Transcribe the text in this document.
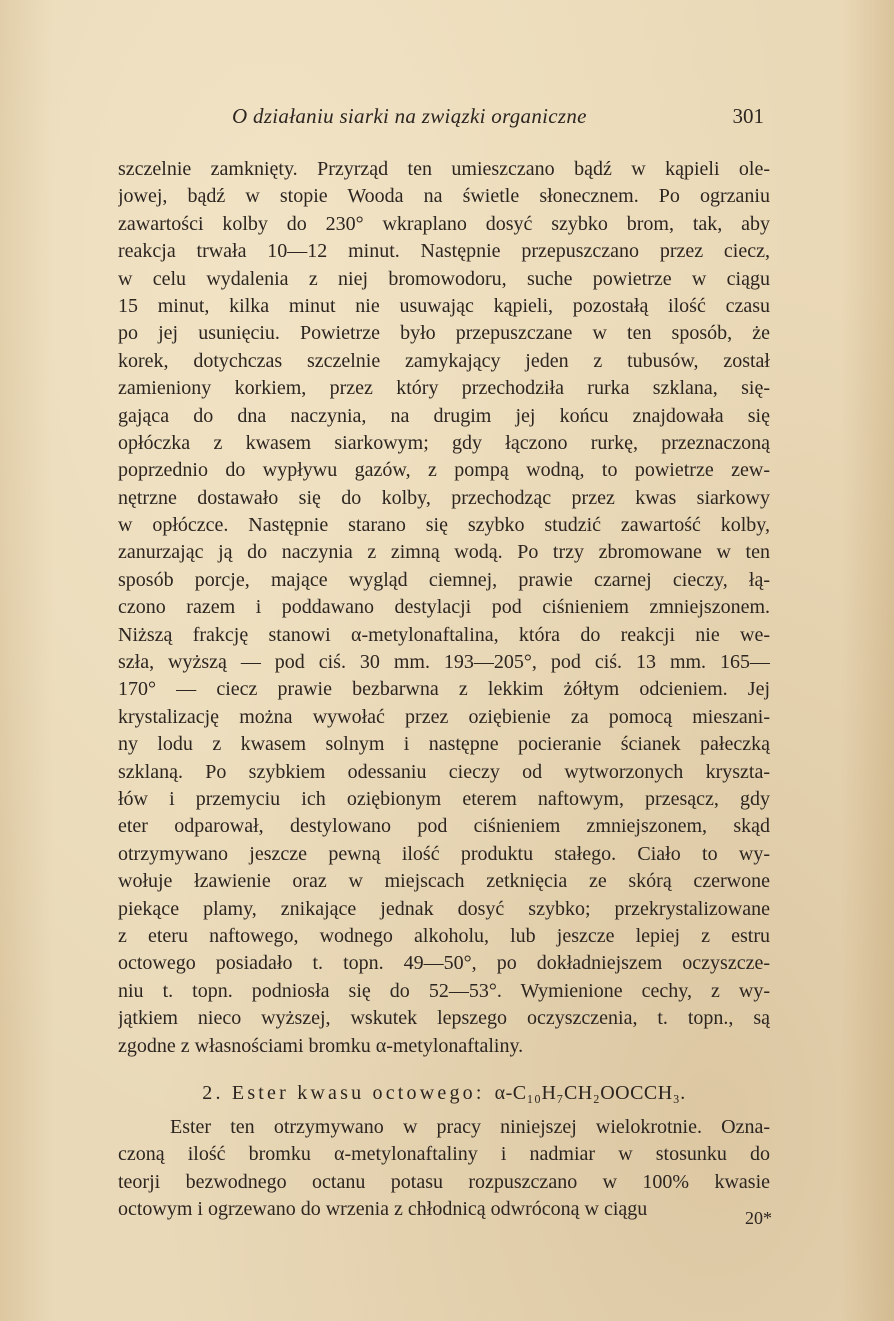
O działaniu siarki na związki organiczne	301
szczelnie zamknięty. Przyrząd ten umieszczano bądź w kąpieli ole-
jowej, bądź w stopie Wooda na świetle słonecznem. Po ogrzaniu
zawartości kolby do 230° wkraplano dosyć szybko brom, tak, aby
reakcja trwała 10—12 minut. Następnie przepuszczano przez ciecz,
w celu wydalenia z niej bromowodoru, suche powietrze w ciągu
15 minut, kilka minut nie usuwając kąpieli, pozostałą ilość czasu
po jej usunięciu. Powietrze było przepuszczane w ten sposób, że
korek, dotychczas szczelnie zamykający jeden z tubusów, został
zamieniony korkiem, przez który przechodziła rurka szklana, się-
gająca do dna naczynia, na drugim jej końcu znajdowała się
opłóczka z kwasem siarkowym; gdy łączono rurkę, przeznaczoną
poprzednio do wypływu gazów, z pompą wodną, to powietrze zew-
nętrzne dostawało się do kolby, przechodząc przez kwas siarkowy
w opłóczce. Następnie starano się szybko studzić zawartość kolby,
zanurzając ją do naczynia z zimną wodą. Po trzy zbromowane w ten
sposób porcje, mające wygląd ciemnej, prawie czarnej cieczy, łą-
czono razem i poddawano destylacji pod ciśnieniem zmniejszonem.
Niższą frakcję stanowi α-metylonaftalina, która do reakcji nie we-
szła, wyższą — pod ciś. 30 mm. 193—205°, pod ciś. 13 mm. 165—
170° — ciecz prawie bezbarwna z lekkim żółtym odcieniem. Jej
krystalizację można wywołać przez oziębienie za pomocą mieszani-
ny lodu z kwasem solnym i następne pocieranie ścianek pałeczką
szklaną. Po szybkiem odessaniu cieczy od wytworzonych kryszta-
łów i przemyciu ich oziębionym eterem naftowym, przesącz, gdy
eter odparował, destylowano pod ciśnieniem zmniejszonem, skąd
otrzymywano jeszcze pewną ilość produktu stałego. Ciało to wy-
wołuje łzawienie oraz w miejscach zetknięcia ze skórą czerwone
piekące plamy, znikające jednak dosyć szybko; przekrystalizowane
z eteru naftowego, wodnego alkoholu, lub jeszcze lepiej z estru
octowego posiadało t. topn. 49—50°, po dokładniejszem oczyszcze-
niu t. topn. podniosła się do 52—53°. Wymienione cechy, z wy-
jątkiem nieco wyższej, wskutek lepszego oczyszczenia, t. topn., są
zgodne z własnościami bromku α-metylonaftaliny.
2. Ester kwasu octowego: α-C₁₀H₇CH₂OOCCH₃.
Ester ten otrzymywano w pracy niniejszej wielokrotnie. Ozna-
czoną ilość bromku α-metylonaftaliny i nadmiar w stosunku do
teorji bezwodnego octanu potasu rozpuszczano w 100% kwasie
octowym i ogrzewano do wrzenia z chłodnicą odwróconą w ciągu	20*
